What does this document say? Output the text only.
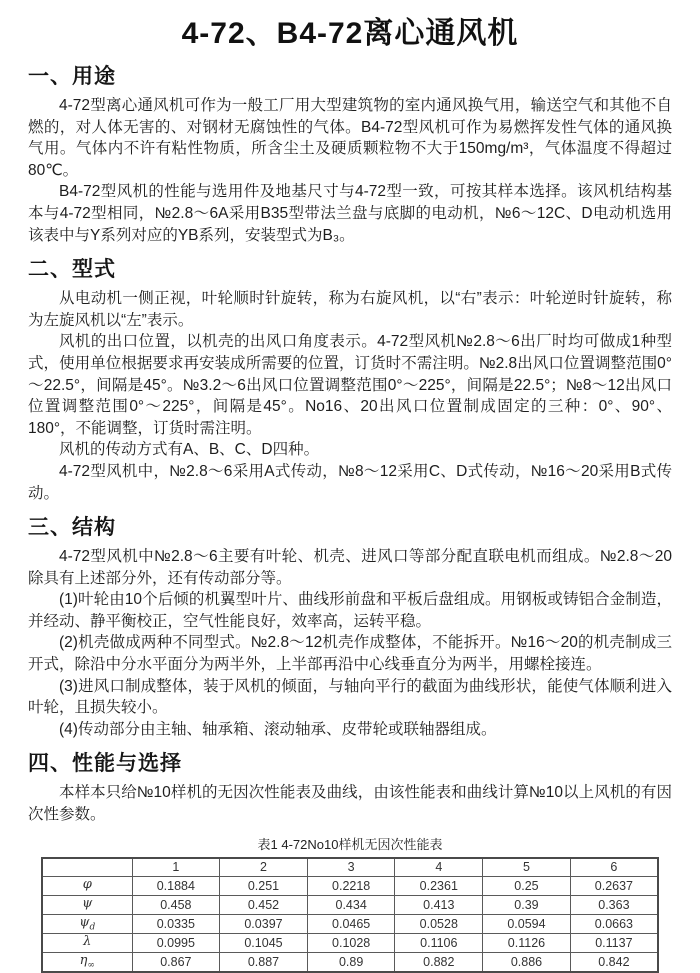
4-72、B4-72离心通风机
一、用途

4-72型离心通风机可作为一般工厂用大型建筑物的室内通风换气用，输送空气和其他不自燃的，对人体无害的、对钢材无腐蚀性的气体。B4-72型风机可作为易燃挥发性气体的通风换气用。气体内不许有粘性物质，所含尘土及硬质颗粒物不大于150mg/m³，气体温度不得超过80℃。

B4-72型风机的性能与选用件及地基尺寸与4-72型一致，可按其样本选择。该风机结构基本与4-72型相同，№2.8～6A采用B35型带法兰盘与底脚的电动机，№6～12C、D电动机选用该表中与Y系列对应的YB系列，安装型式为B₃。

二、型式

从电动机一侧正视，叶轮顺时针旋转，称为右旋风机，以“右”表示：叶轮逆时针旋转，称为左旋风机以“左”表示。

风机的出口位置，以机壳的出风口角度表示。4-72型风机№2.8～6出厂时均可做成1种型式，使用单位根据要求再安装成所需要的位置，订货时不需注明。№2.8出风口位置调整范围0°～22.5°，间隔是45°。№3.2～6出风口位置调整范围0°～225°，间隔是22.5°；№8～12出风口位置调整范围0°～225°，间隔是45°。No16、20出风口位置制成固定的三种：0°、90°、180°，不能调整，订货时需注明。

风机的传动方式有A、B、C、D四种。

4-72型风机中，№2.8～6采用A式传动，№8～12采用C、D式传动，№16～20采用B式传动。

三、结构

4-72型风机中№2.8～6主要有叶轮、机壳、进风口等部分配直联电机而组成。№2.8～20除具有上述部分外，还有传动部分等。

(1)叶轮由10个后倾的机翼型叶片、曲线形前盘和平板后盘组成。用钢板或铸铝合金制造，并经动、静平衡校正，空气性能良好，效率高，运转平稳。

(2)机壳做成两种不同型式。№2.8～12机壳作成整体，不能拆开。№16～20的机壳制成三开式，除沿中分水平面分为两半外，上半部再沿中心线垂直分为两半，用螺栓接连。

(3)进风口制成整体，装于风机的倾面，与轴向平行的截面为曲线形状，能使气体顺利进入叶轮，且损失较小。

(4)传动部分由主轴、轴承箱、滚动轴承、皮带轮或联轴器组成。

四、性能与选择

本样本只给№10样机的无因次性能表及曲线，由该性能表和曲线计算№10以上风机的有因次性参数。

表1 4-72No10样机无因次性能表
	1	2	3	4	5	6
φ	0.1884	0.251	0.2218	0.2361	0.25	0.2637
ψ	0.458	0.452	0.434	0.413	0.39	0.363
$\psi_d$	0.0335	0.0397	0.0465	0.0528	0.0594	0.0663
λ	0.0995	0.1045	0.1028	0.1106	0.1126	0.1137
$\eta_\infty$	0.867	0.887	0.89	0.882	0.886	0.842
